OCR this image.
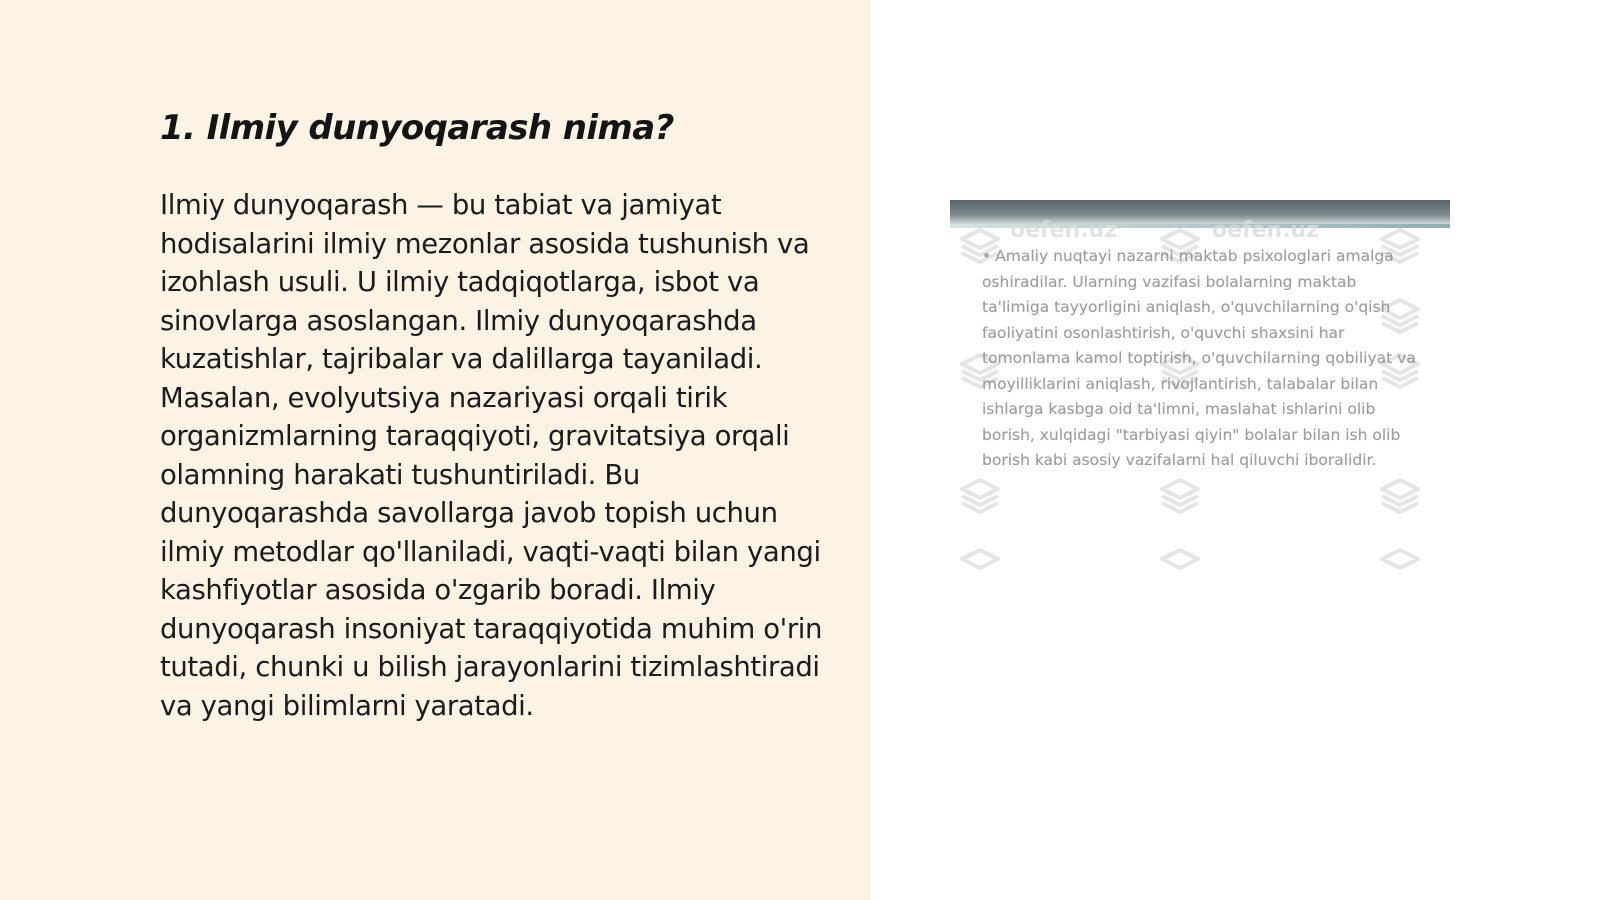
1. Ilmiy dunyoqarash nima?

Ilmiy dunyoqarash — bu tabiat va jamiyat hodisalarini ilmiy mezonlar asosida tushunish va izohlash usuli. U ilmiy tadqiqotlarga, isbot va sinovlarga asoslangan. Ilmiy dunyoqarashda kuzatishlar, tajribalar va dalillarga tayaniladi. Masalan, evolyutsiya nazariyasi orqali tirik organizmlarning taraqqiyoti, gravitatsiya orqali olamning harakati tushuntiriladi. Bu dunyoqarashda savollarga javob topish uchun ilmiy metodlar qo'llaniladi, vaqti-vaqti bilan yangi kashfiyotlar asosida o'zgarib boradi. Ilmiy dunyoqarash insoniyat taraqqiyotida muhim o'rin tutadi, chunki u bilish jarayonlarini tizimlashtiradi va yangi bilimlarni yaratadi.

oefen.uz	oefen.uz

• Amaliy nuqtayi nazarni maktab psixologlari amalga oshiradilar. Ularning vazifasi bolalarning maktab ta'limiga tayyorligini aniqlash, o'quvchilarning o'qish faoliyatini osonlashtirish, o'quvchi shaxsini har tomonlama kamol toptirish, o'quvchilarning qobiliyat va moyilliklarini aniqlash, rivojlantirish, talabalar bilan ishlarga kasbga oid ta'limni, maslahat ishlarini olib borish, xulqidagi "tarbiyasi qiyin" bolalar bilan ish olib borish kabi asosiy vazifalarni hal qiluvchi iboralidir.
